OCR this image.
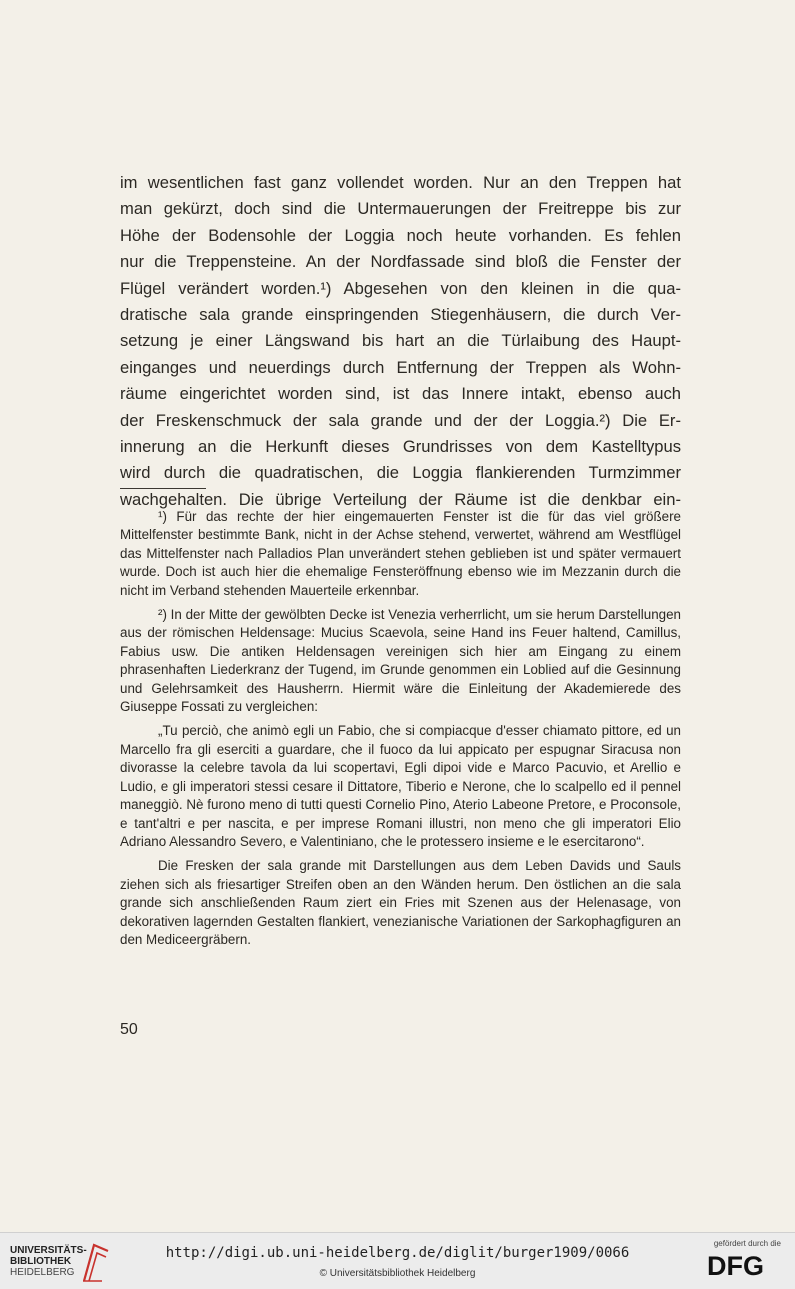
im wesentlichen fast ganz vollendet worden. Nur an den Treppen hat
man gekürzt, doch sind die Untermauerungen der Freitreppe bis zur
Höhe der Bodensohle der Loggia noch heute vorhanden. Es fehlen
nur die Treppensteine. An der Nordfassade sind bloß die Fenster der
Flügel verändert worden.¹) Abgesehen von den kleinen in die qua-
dratische sala grande einspringenden Stiegenhäusern, die durch Ver-
setzung je einer Längswand bis hart an die Türlaibung des Haupt-
einganges und neuerdings durch Entfernung der Treppen als Wohn-
räume eingerichtet worden sind, ist das Innere intakt, ebenso auch
der Freskenschmuck der sala grande und der der Loggia.²) Die Er-
innerung an die Herkunft dieses Grundrisses von dem Kastelltypus
wird durch die quadratischen, die Loggia flankierenden Turmzimmer
wachgehalten. Die übrige Verteilung der Räume ist die denkbar ein-

¹) Für das rechte der hier eingemauerten Fenster ist die für das viel größere Mittelfenster bestimmte Bank, nicht in der Achse stehend, verwertet, während am Westflügel das Mittelfenster nach Palladios Plan unverändert stehen geblieben ist und später vermauert wurde. Doch ist auch hier die ehemalige Fensteröffnung ebenso wie im Mezzanin durch die nicht im Verband stehenden Mauerteile erkennbar.

²) In der Mitte der gewölbten Decke ist Venezia verherrlicht, um sie herum Darstellungen aus der römischen Heldensage: Mucius Scaevola, seine Hand ins Feuer haltend, Camillus, Fabius usw. Die antiken Heldensagen vereinigen sich hier am Eingang zu einem phrasenhaften Liederkranz der Tugend, im Grunde genommen ein Loblied auf die Gesinnung und Gelehrsamkeit des Hausherrn. Hiermit wäre die Einleitung der Akademierede des Giuseppe Fossati zu vergleichen:

„Tu perciò, che animò egli un Fabio, che si compiacque d'esser chiamato pittore, ed un Marcello fra gli eserciti a guardare, che il fuoco da lui appicato per espugnar Siracusa non divorasse la celebre tavola da lui scopertavi, Egli dipoi vide e Marco Pacuvio, et Arellio e Ludio, e gli imperatori stessi cesare il Dittatore, Tiberio e Nerone, che lo scalpello ed il pennel maneggiò. Nè furono meno di tutti questi Cornelio Pino, Aterio Labeone Pretore, e Proconsole, e tant'altri e per nascita, e per imprese Romani illustri, non meno che gli imperatori Elio Adriano Alessandro Severo, e Valentiniano, che le protessero insieme e le esercitarono“.

Die Fresken der sala grande mit Darstellungen aus dem Leben Davids und Sauls ziehen sich als friesartiger Streifen oben an den Wänden herum. Den östlichen an die sala grande sich anschließenden Raum ziert ein Fries mit Szenen aus der Helenasage, von dekorativen lagernden Gestalten flankiert, venezianische Variationen der Sarkophagfiguren an den Mediceergräbern.

50
UNIVERSITÄTS-
BIBLIOTHEK
HEIDELBERG
http://digi.ub.uni-heidelberg.de/diglit/burger1909/0066
© Universitätsbibliothek Heidelberg
gefördert durch die
DFG
